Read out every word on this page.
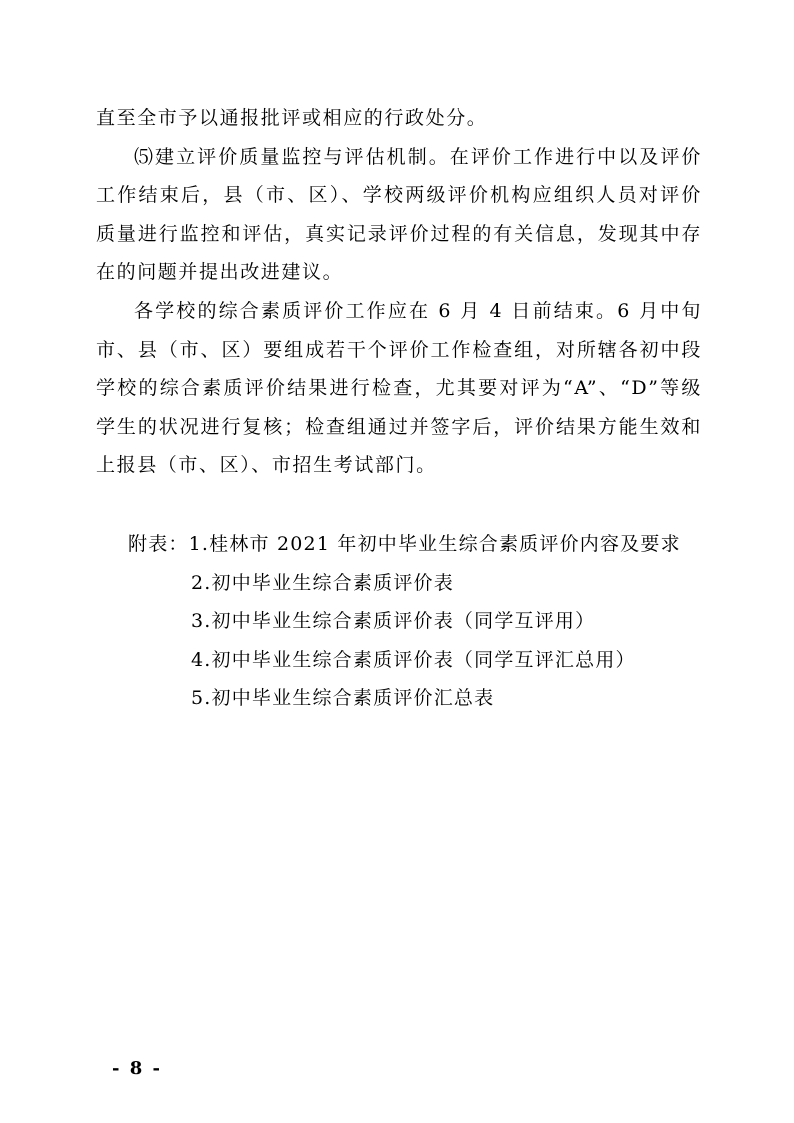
直至全市予以通报批评或相应的行政处分。

⑸建立评价质量监控与评估机制。在评价工作进行中以及评价工作结束后，县（市、区）、学校两级评价机构应组织人员对评价质量进行监控和评估，真实记录评价过程的有关信息，发现其中存在的问题并提出改进建议。

各学校的综合素质评价工作应在 6 月 4 日前结束。6 月中旬市、县（市、区）要组成若干个评价工作检查组，对所辖各初中段学校的综合素质评价结果进行检查，尤其要对评为“A”、“D”等级学生的状况进行复核；检查组通过并签字后，评价结果方能生效和上报县（市、区）、市招生考试部门。

附表：1.桂林市 2021 年初中毕业生综合素质评价内容及要求
2.初中毕业生综合素质评价表
3.初中毕业生综合素质评价表（同学互评用）
4.初中毕业生综合素质评价表（同学互评汇总用）
5.初中毕业生综合素质评价汇总表
- 8 -
